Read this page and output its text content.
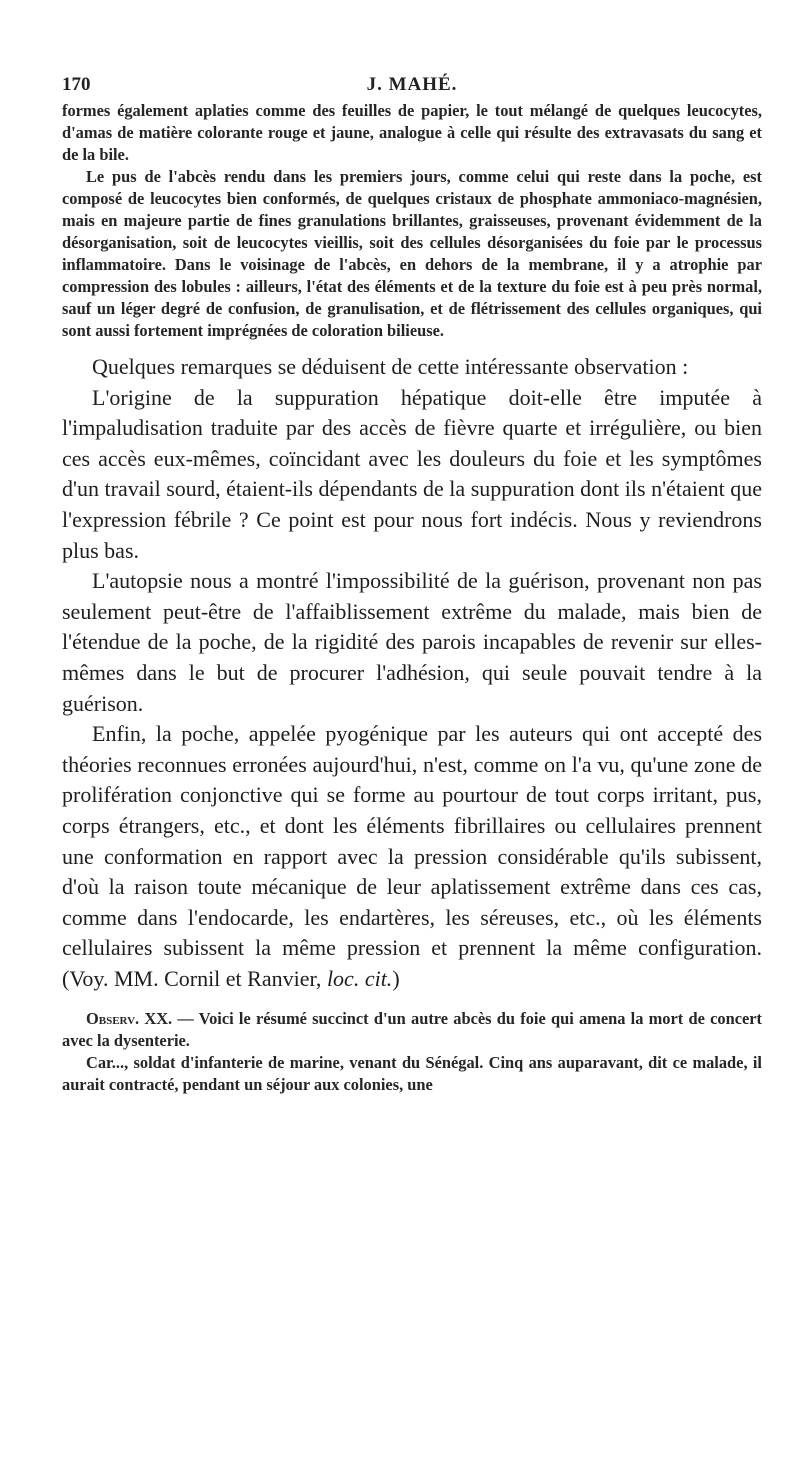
170	J. MAHÉ.

formes également aplaties comme des feuilles de papier, le tout mélangé de quelques leucocytes, d'amas de matière colorante rouge et jaune, analogue à celle qui résulte des extravasats du sang et de la bile.

Le pus de l'abcès rendu dans les premiers jours, comme celui qui reste dans la poche, est composé de leucocytes bien conformés, de quelques cristaux de phosphate ammoniaco-magnésien, mais en majeure partie de fines granulations brillantes, graisseuses, provenant évidemment de la désorganisation, soit de leucocytes vieillis, soit des cellules désorganisées du foie par le processus inflammatoire. Dans le voisinage de l'abcès, en dehors de la membrane, il y a atrophie par compression des lobules : ailleurs, l'état des éléments et de la texture du foie est à peu près normal, sauf un léger degré de confusion, de granulisation, et de flétrissement des cellules organiques, qui sont aussi fortement imprégnées de coloration bilieuse.

Quelques remarques se déduisent de cette intéressante observation :

L'origine de la suppuration hépatique doit-elle être imputée à l'impaludisation traduite par des accès de fièvre quarte et irrégulière, ou bien ces accès eux-mêmes, coïncidant avec les douleurs du foie et les symptômes d'un travail sourd, étaient-ils dépendants de la suppuration dont ils n'étaient que l'expression fébrile ? Ce point est pour nous fort indécis. Nous y reviendrons plus bas.

L'autopsie nous a montré l'impossibilité de la guérison, provenant non pas seulement peut-être de l'affaiblissement extrême du malade, mais bien de l'étendue de la poche, de la rigidité des parois incapables de revenir sur elles-mêmes dans le but de procurer l'adhésion, qui seule pouvait tendre à la guérison.

Enfin, la poche, appelée pyogénique par les auteurs qui ont accepté des théories reconnues erronées aujourd'hui, n'est, comme on l'a vu, qu'une zone de prolifération conjonctive qui se forme au pourtour de tout corps irritant, pus, corps étrangers, etc., et dont les éléments fibrillaires ou cellulaires prennent une conformation en rapport avec la pression considérable qu'ils subissent, d'où la raison toute mécanique de leur aplatissement extrême dans ces cas, comme dans l'endocarde, les endartères, les séreuses, etc., où les éléments cellulaires subissent la même pression et prennent la même configuration. (Voy. MM. Cornil et Ranvier, loc. cit.)

Observ. XX. — Voici le résumé succinct d'un autre abcès du foie qui amena la mort de concert avec la dysenterie.

Car..., soldat d'infanterie de marine, venant du Sénégal. Cinq ans auparavant, dit ce malade, il aurait contracté, pendant un séjour aux colonies, une
